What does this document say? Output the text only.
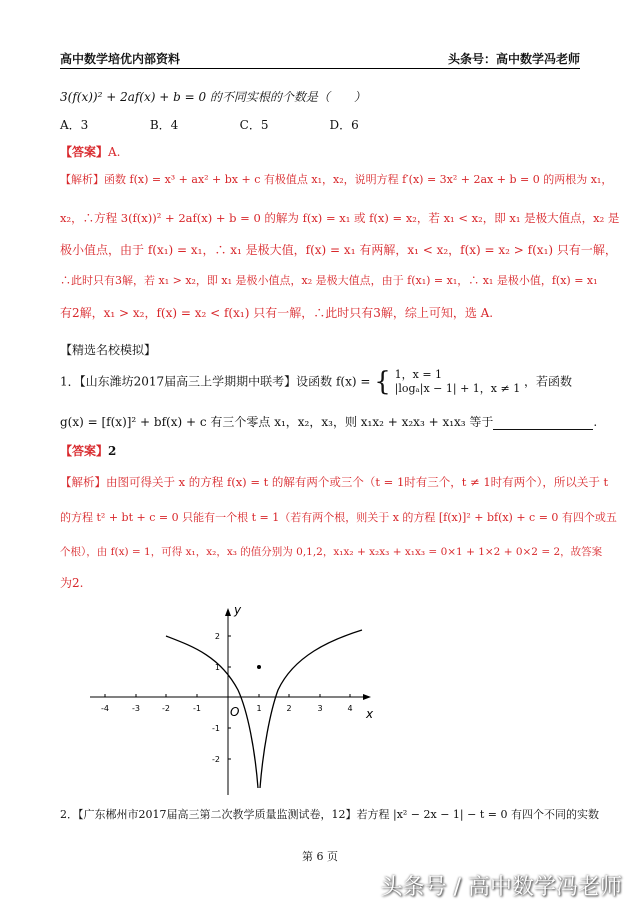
高中数学培优内部资料	头条号：高中数学冯老师
3(f(x))² + 2af(x) + b = 0 的不同实根的个数是（　　）
A．3	B．4	C．5	D．6
【答案】A.
【解析】函数 f(x) = x³ + ax² + bx + c 有极值点 x₁，x₂，说明方程 f′(x) = 3x² + 2ax + b = 0 的两根为 x₁，
x₂，∴方程 3(f(x))² + 2af(x) + b = 0 的解为 f(x) = x₁ 或 f(x) = x₂，若 x₁ < x₂，即 x₁ 是极大值点，x₂ 是
极小值点，由于 f(x₁) = x₁，∴ x₁ 是极大值，f(x) = x₁ 有两解，x₁ < x₂，f(x) = x₂ > f(x₁) 只有一解，
∴此时只有3解，若 x₁ > x₂，即 x₁ 是极小值点，x₂ 是极大值点，由于 f(x₁) = x₁，∴ x₁ 是极小值，f(x) = x₁
有2解，x₁ > x₂，f(x) = x₂ < f(x₁) 只有一解，∴此时只有3解，综上可知，选 A.
【精选名校模拟】
1．【山东潍坊2017届高三上学期期中联考】设函数 f(x) = { 1，x = 1
|logₐ|x − 1| + 1，x ≠ 1 ，若函数
g(x) = [f(x)]² + bf(x) + c 有三个零点 x₁，x₂，x₃，则 x₁x₂ + x₂x₃ + x₁x₃ 等于	.
【答案】2
【解析】由图可得关于 x 的方程 f(x) = t 的解有两个或三个（t = 1时有三个，t ≠ 1时有两个），所以关于 t
的方程 t² + bt + c = 0 只能有一个根 t = 1（若有两个根，则关于 x 的方程 [f(x)]² + bf(x) + c = 0 有四个或五
个根），由 f(x) = 1，可得 x₁，x₂，x₃ 的值分别为 0,1,2，x₁x₂ + x₂x₃ + x₁x₃ = 0×1 + 1×2 + 0×2 = 2，故答案
为2.
-4	-3	-2	-1	1	2	3	4
2
1
-1
-2
O	x
y
2．【广东郴州市2017届高三第二次教学质量监测试卷，12】若方程 |x² − 2x − 1| − t = 0 有四个不同的实数
第 6 页
头条号 / 高中数学冯老师
